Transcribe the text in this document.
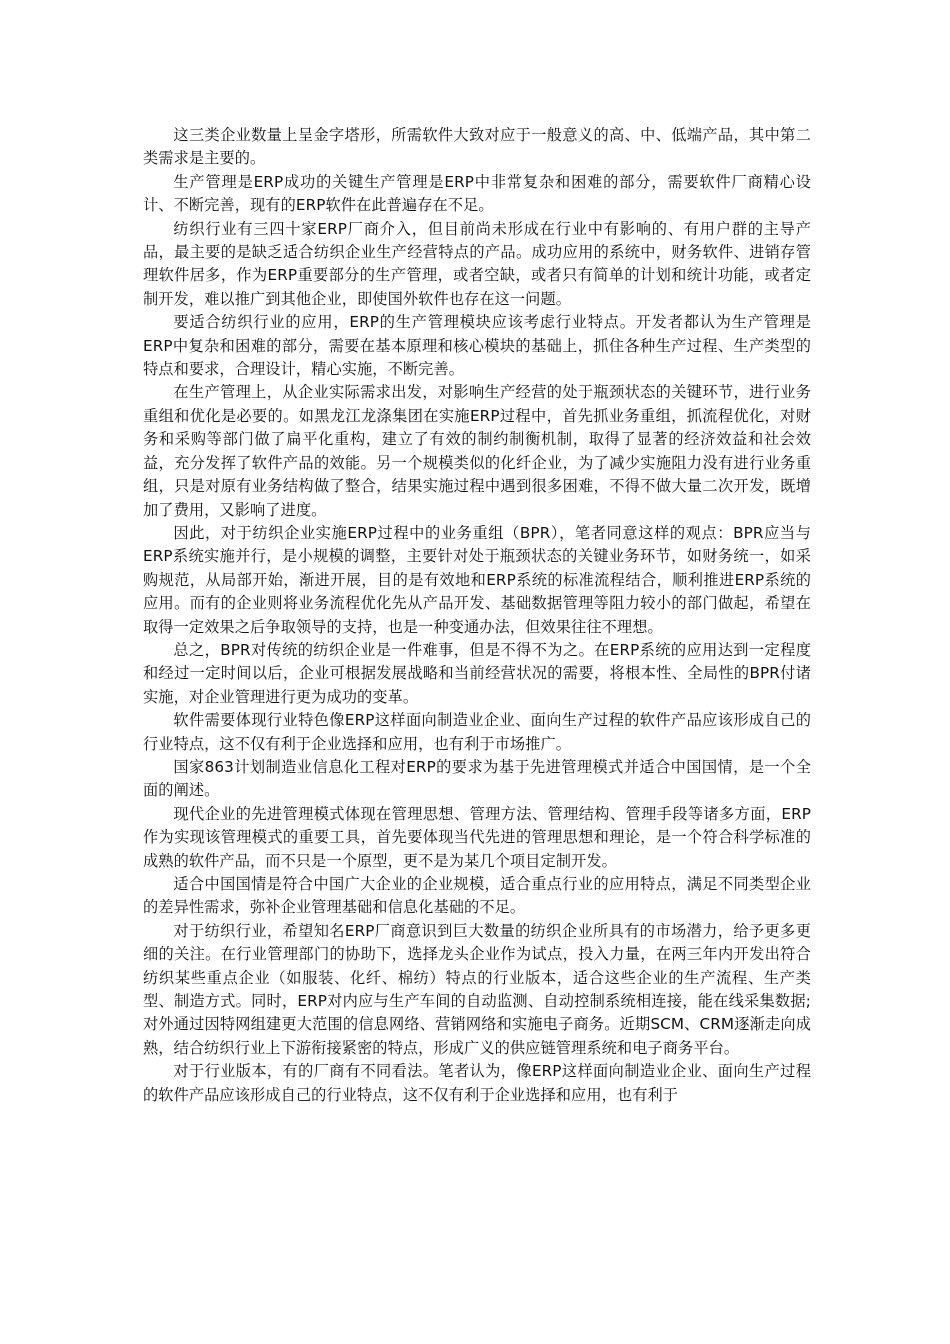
这三类企业数量上呈金字塔形，所需软件大致对应于一般意义的高、中、低端产品，其中第二类需求是主要的。

生产管理是ERP成功的关键生产管理是ERP中非常复杂和困难的部分，需要软件厂商精心设计、不断完善，现有的ERP软件在此普遍存在不足。

纺织行业有三四十家ERP厂商介入，但目前尚未形成在行业中有影响的、有用户群的主导产品，最主要的是缺乏适合纺织企业生产经营特点的产品。成功应用的系统中，财务软件、进销存管理软件居多，作为ERP重要部分的生产管理，或者空缺，或者只有简单的计划和统计功能，或者定制开发，难以推广到其他企业，即使国外软件也存在这一问题。

要适合纺织行业的应用，ERP的生产管理模块应该考虑行业特点。开发者都认为生产管理是ERP中复杂和困难的部分，需要在基本原理和核心模块的基础上，抓住各种生产过程、生产类型的特点和要求，合理设计，精心实施，不断完善。

在生产管理上，从企业实际需求出发，对影响生产经营的处于瓶颈状态的关键环节，进行业务重组和优化是必要的。如黑龙江龙涤集团在实施ERP过程中，首先抓业务重组，抓流程优化，对财务和采购等部门做了扁平化重构，建立了有效的制约制衡机制，取得了显著的经济效益和社会效益，充分发挥了软件产品的效能。另一个规模类似的化纤企业，为了减少实施阻力没有进行业务重组，只是对原有业务结构做了整合，结果实施过程中遇到很多困难，不得不做大量二次开发，既增加了费用，又影响了进度。

因此，对于纺织企业实施ERP过程中的业务重组（BPR），笔者同意这样的观点：BPR应当与ERP系统实施并行，是小规模的调整，主要针对处于瓶颈状态的关键业务环节，如财务统一，如采购规范，从局部开始，渐进开展，目的是有效地和ERP系统的标准流程结合，顺利推进ERP系统的应用。而有的企业则将业务流程优化先从产品开发、基础数据管理等阻力较小的部门做起，希望在取得一定效果之后争取领导的支持，也是一种变通办法，但效果往往不理想。

总之，BPR对传统的纺织企业是一件难事，但是不得不为之。在ERP系统的应用达到一定程度和经过一定时间以后，企业可根据发展战略和当前经营状况的需要，将根本性、全局性的BPR付诸实施，对企业管理进行更为成功的变革。

软件需要体现行业特色像ERP这样面向制造业企业、面向生产过程的软件产品应该形成自己的行业特点，这不仅有利于企业选择和应用，也有利于市场推广。

国家863计划制造业信息化工程对ERP的要求为基于先进管理模式并适合中国国情，是一个全面的阐述。

现代企业的先进管理模式体现在管理思想、管理方法、管理结构、管理手段等诸多方面，ERP作为实现该管理模式的重要工具，首先要体现当代先进的管理思想和理论，是一个符合科学标准的成熟的软件产品，而不只是一个原型，更不是为某几个项目定制开发。

适合中国国情是符合中国广大企业的企业规模，适合重点行业的应用特点，满足不同类型企业的差异性需求，弥补企业管理基础和信息化基础的不足。

对于纺织行业，希望知名ERP厂商意识到巨大数量的纺织企业所具有的市场潜力，给予更多更细的关注。在行业管理部门的协助下，选择龙头企业作为试点，投入力量，在两三年内开发出符合纺织某些重点企业（如服装、化纤、棉纺）特点的行业版本，适合这些企业的生产流程、生产类型、制造方式。同时，ERP对内应与生产车间的自动监测、自动控制系统相连接，能在线采集数据;对外通过因特网组建更大范围的信息网络、营销网络和实施电子商务。近期SCM、CRM逐渐走向成熟，结合纺织行业上下游衔接紧密的特点，形成广义的供应链管理系统和电子商务平台。

对于行业版本，有的厂商有不同看法。笔者认为，像ERP这样面向制造业企业、面向生产过程的软件产品应该形成自己的行业特点，这不仅有利于企业选择和应用，也有利于
